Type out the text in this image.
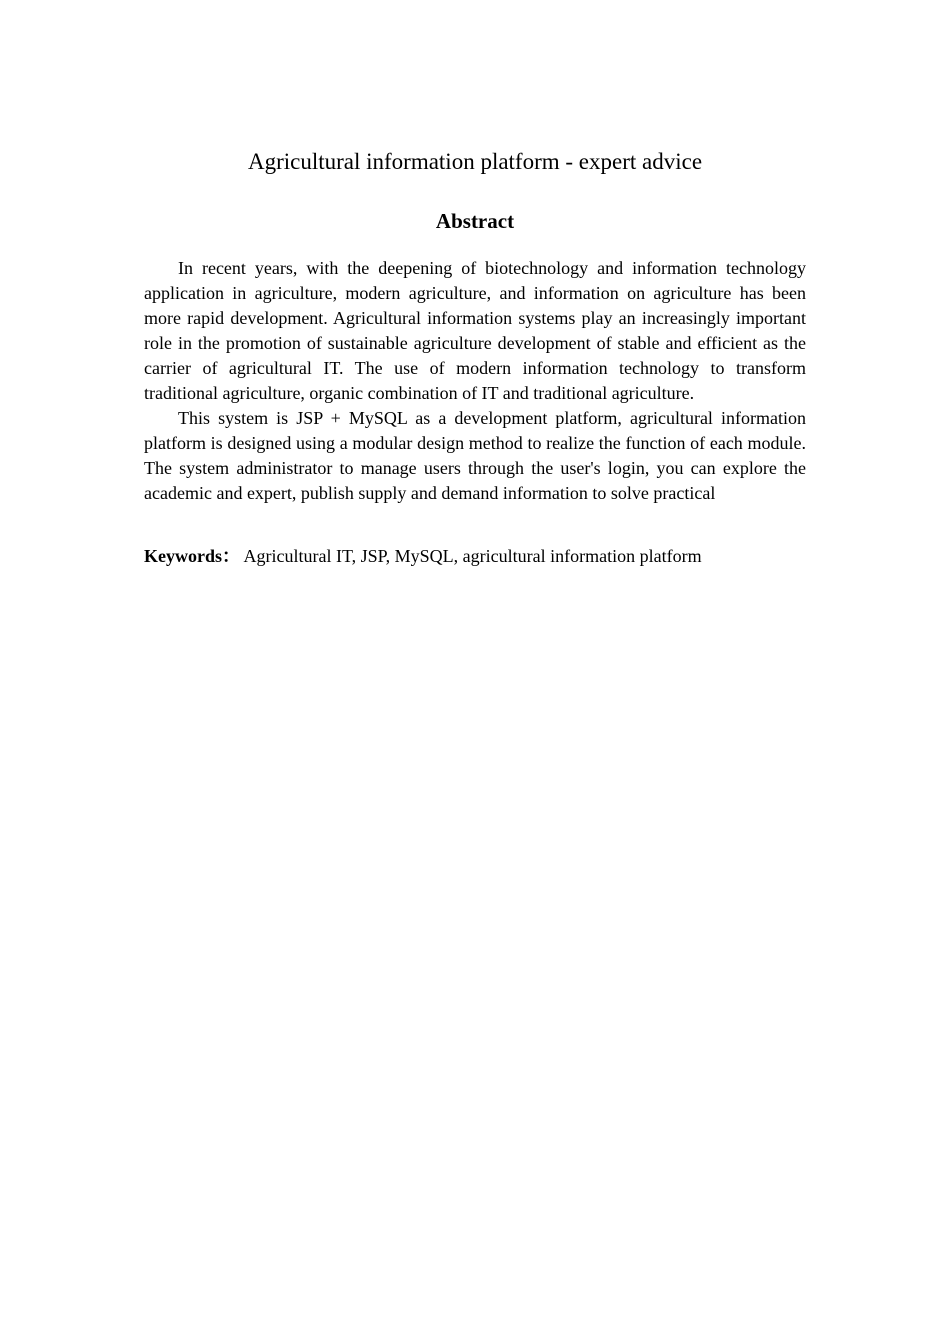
Agricultural information platform - expert advice
Abstract

In recent years, with the deepening of biotechnology and information technology application in agriculture, modern agriculture, and information on agriculture has been more rapid development. Agricultural information systems play an increasingly important role in the promotion of sustainable agriculture development of stable and efficient as the carrier of agricultural IT. The use of modern information technology to transform traditional agriculture, organic combination of IT and traditional agriculture.

This system is JSP + MySQL as a development platform, agricultural information platform is designed using a modular design method to realize the function of each module. The system administrator to manage users through the user's login, you can explore the academic and expert, publish supply and demand information to solve practical

Keywords： Agricultural IT, JSP, MySQL, agricultural information platform
